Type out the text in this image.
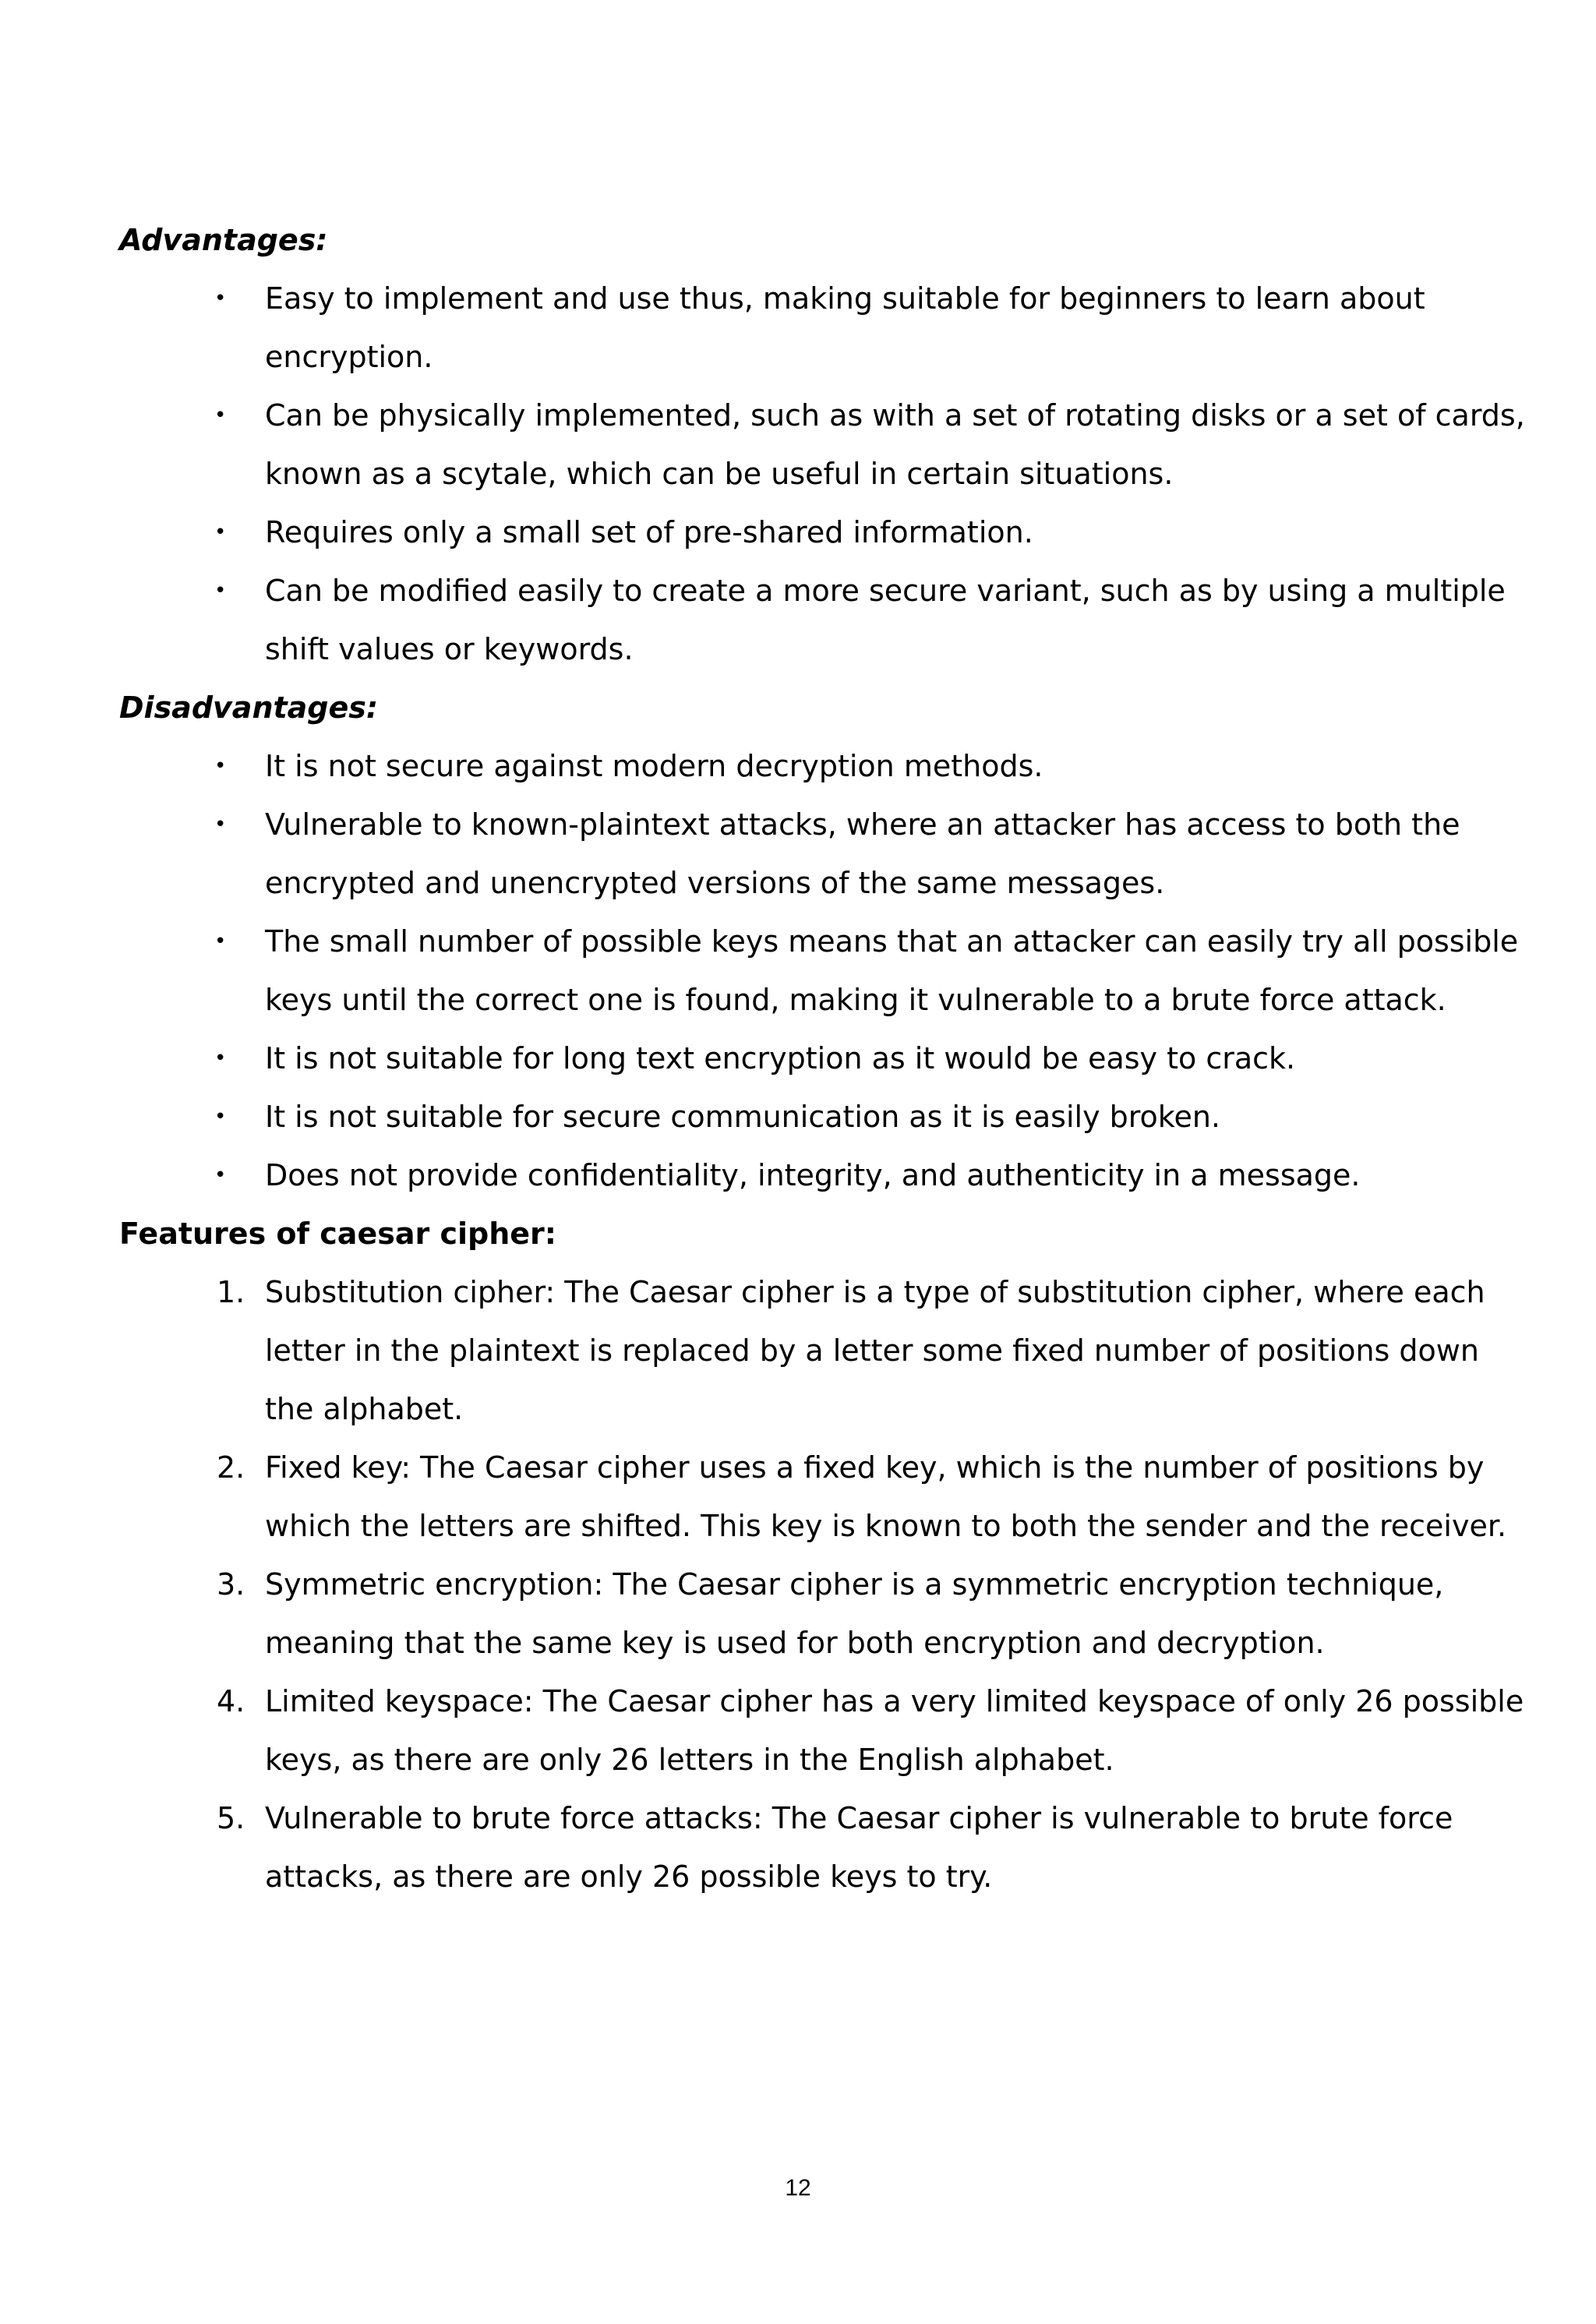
Advantages:
•	Easy to implement and use thus, making suitable for beginners to learn about encryption.
•	Can be physically implemented, such as with a set of rotating disks or a set of cards, known as a scytale, which can be useful in certain situations.
•	Requires only a small set of pre-shared information.
•	Can be modified easily to create a more secure variant, such as by using a multiple shift values or keywords.
Disadvantages:
•	It is not secure against modern decryption methods.
•	Vulnerable to known-plaintext attacks, where an attacker has access to both the encrypted and unencrypted versions of the same messages.
•	The small number of possible keys means that an attacker can easily try all possible keys until the correct one is found, making it vulnerable to a brute force attack.
•	It is not suitable for long text encryption as it would be easy to crack.
•	It is not suitable for secure communication as it is easily broken.
•	Does not provide confidentiality, integrity, and authenticity in a message.
Features of caesar cipher:
1. Substitution cipher: The Caesar cipher is a type of substitution cipher, where each letter in the plaintext is replaced by a letter some fixed number of positions down the alphabet.
2. Fixed key: The Caesar cipher uses a fixed key, which is the number of positions by which the letters are shifted. This key is known to both the sender and the receiver.
3. Symmetric encryption: The Caesar cipher is a symmetric encryption technique, meaning that the same key is used for both encryption and decryption.
4. Limited keyspace: The Caesar cipher has a very limited keyspace of only 26 possible keys, as there are only 26 letters in the English alphabet.
5. Vulnerable to brute force attacks: The Caesar cipher is vulnerable to brute force attacks, as there are only 26 possible keys to try.
12
